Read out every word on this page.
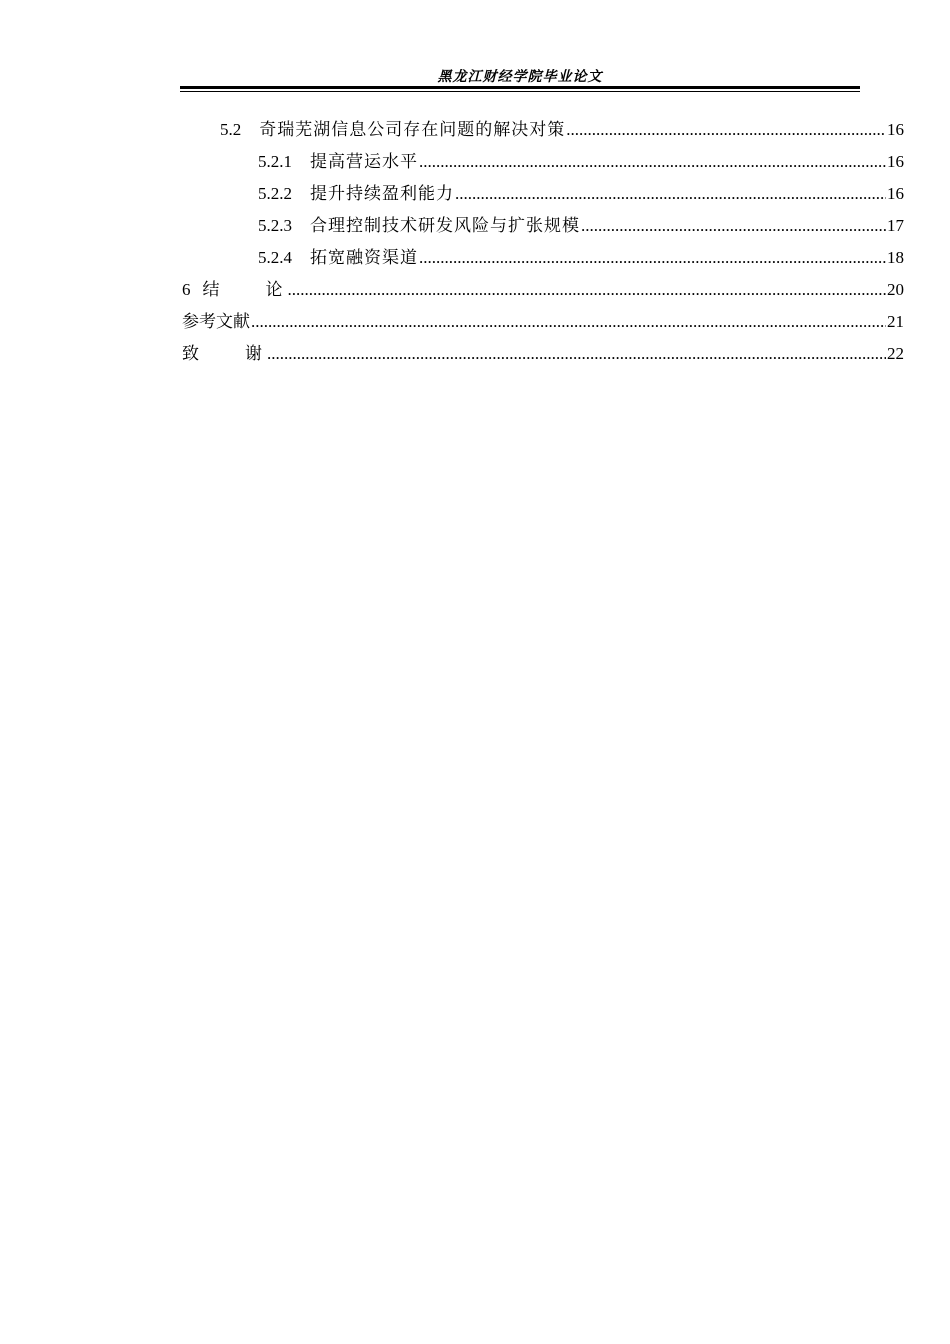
黑龙江财经学院毕业论文
5.2 奇瑞芜湖信息公司存在问题的解决对策 .....	16
5.2.1 提高营运水平 .....	16
5.2.2 提升持续盈利能力 .....	16
5.2.3 合理控制技术研发风险与扩张规模 .....	17
5.2.4 拓宽融资渠道 .....	18
6 结　　论 .....	20
参考文献 .....	21
致　　谢 .....	22
